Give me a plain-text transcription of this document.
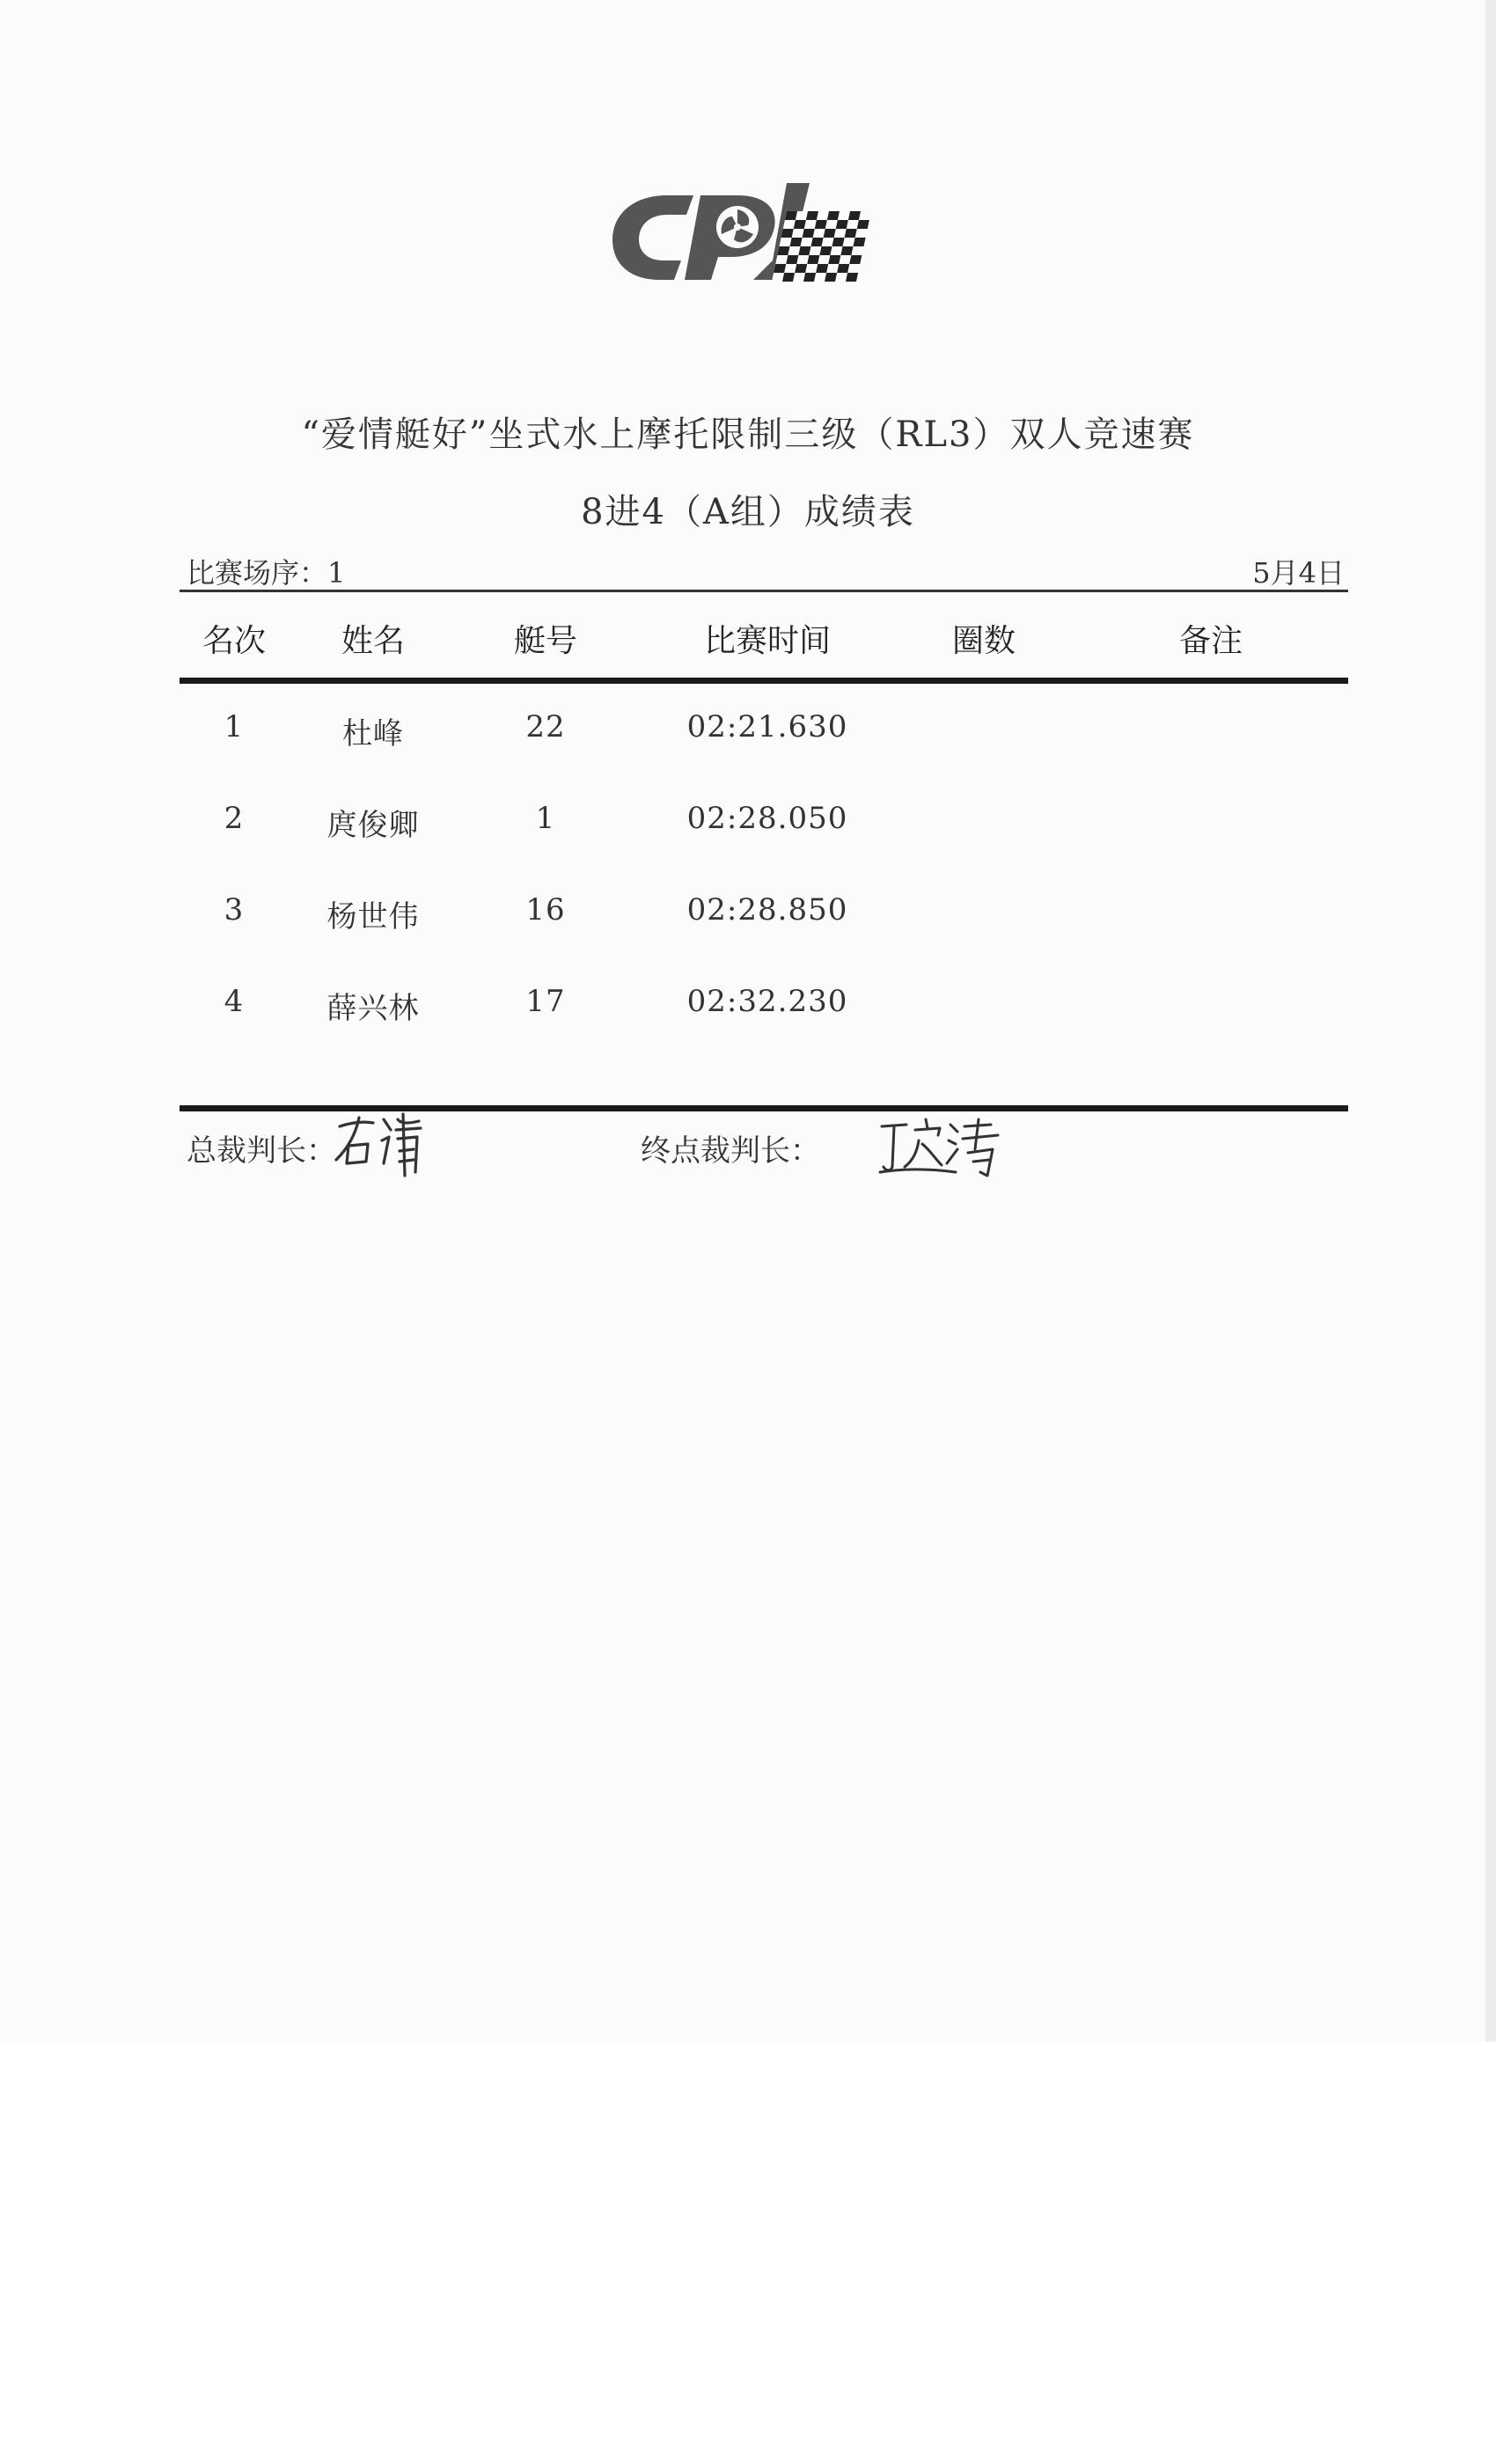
“爱情艇好”坐式水上摩托限制三级（RL3）双人竞速赛
8进4（A组）成绩表
比赛场序：1	5月4日
名次 姓名	艇号	比赛时间	圈数	备注
1	杜峰	22	02:21.630
2	庹俊卿	1	02:28.050
3	杨世伟	16	02:28.850
4	薛兴林	17	02:32.230
总裁判长：	终点裁判长：
